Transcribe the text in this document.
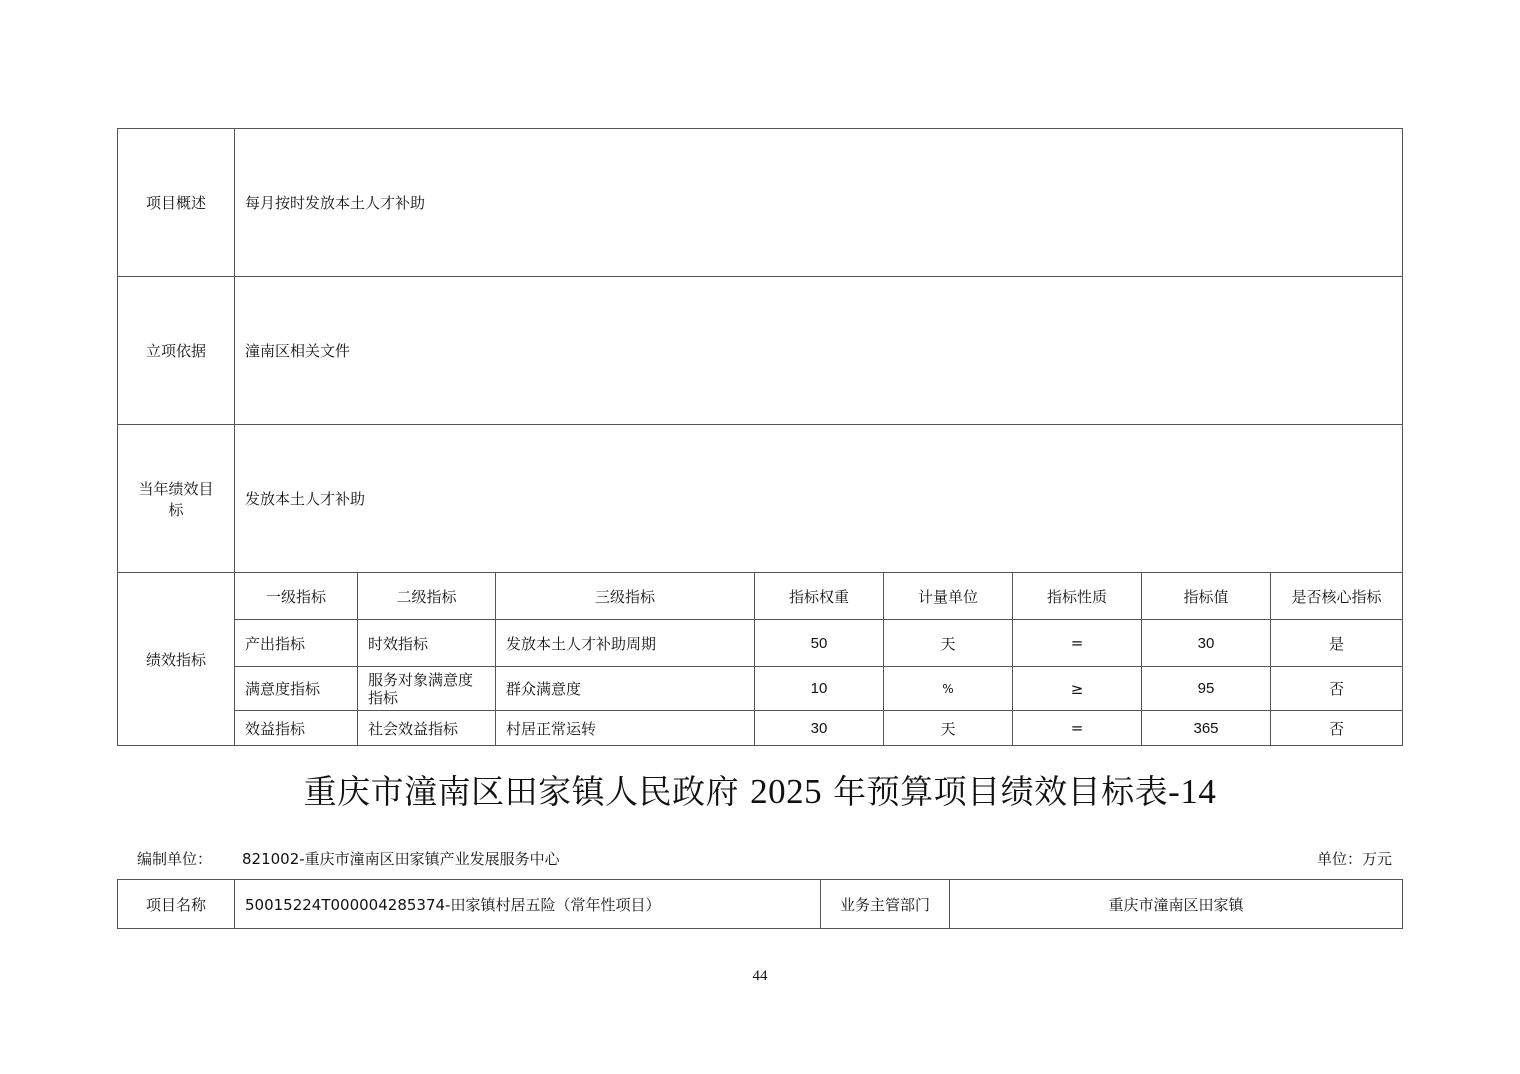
项目概述	每月按时发放本土人才补助							
立项依据	潼南区相关文件							
当年绩效目标	发放本土人才补助							
绩效指标	一级指标	二级指标	三级指标	指标权重	计量单位	指标性质	指标值	是否核心指标
	产出指标	时效指标	发放本土人才补助周期	50	天	=	30	是
	满意度指标	服务对象满意度指标	群众满意度	10	%	≥	95	否
	效益指标	社会效益指标	村居正常运转	30	天	=	365	否
重庆市潼南区田家镇人民政府 2025 年预算项目绩效目标表-14
编制单位： 821002-重庆市潼南区田家镇产业发展服务中心	单位：万元
项目名称	50015224T000004285374-田家镇村居五险（常年性项目）	业务主管部门	重庆市潼南区田家镇
44
